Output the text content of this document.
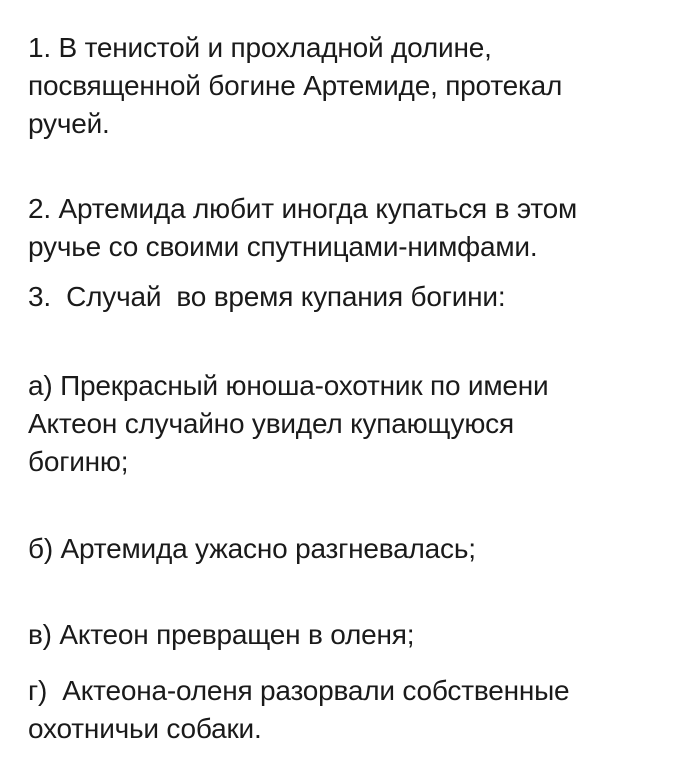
1. В тенистой и прохладной долине,
посвященной богине Артемиде, протекал
ручей.

2. Артемида любит иногда купаться в этом
ручье со своими спутницами-нимфами.

3.  Случай  во время купания богини:

а) Прекрасный юноша-охотник по имени
Актеон случайно увидел купающуюся
богиню;

б) Артемида ужасно разгневалась;

в) Актеон превращен в оленя;

г)  Актеона-оленя разорвали собственные
охотничьи собаки.
